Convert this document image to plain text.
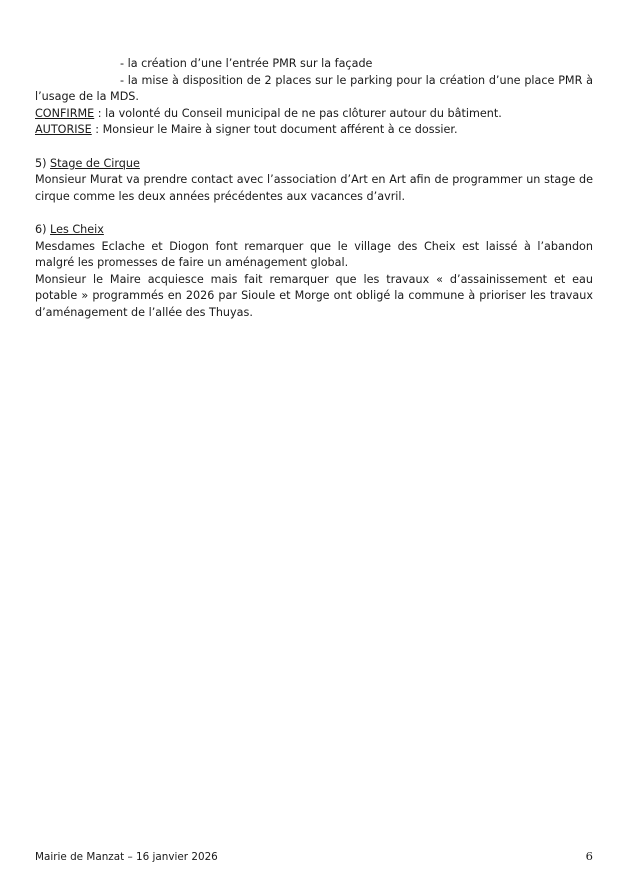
- la création d’une l’entrée PMR sur la façade

- la mise à disposition de 2 places sur le parking pour la création d’une place PMR à l’usage de la MDS.

CONFIRME : la volonté du Conseil municipal de ne pas clôturer autour du bâtiment.

AUTORISE : Monsieur le Maire à signer tout document afférent à ce dossier.

5) Stage de Cirque

Monsieur Murat va prendre contact avec l’association d’Art en Art afin de programmer un stage de cirque comme les deux années précédentes aux vacances d’avril.

6) Les Cheix

Mesdames Eclache et Diogon font remarquer que le village des Cheix est laissé à l’abandon malgré les promesses de faire un aménagement global.

Monsieur le Maire acquiesce mais fait remarquer que les travaux « d’assainissement et eau potable » programmés en 2026 par Sioule et Morge ont obligé la commune à prioriser les travaux d’aménagement de l’allée des Thuyas.

Mairie de Manzat – 16 janvier 2026	6
